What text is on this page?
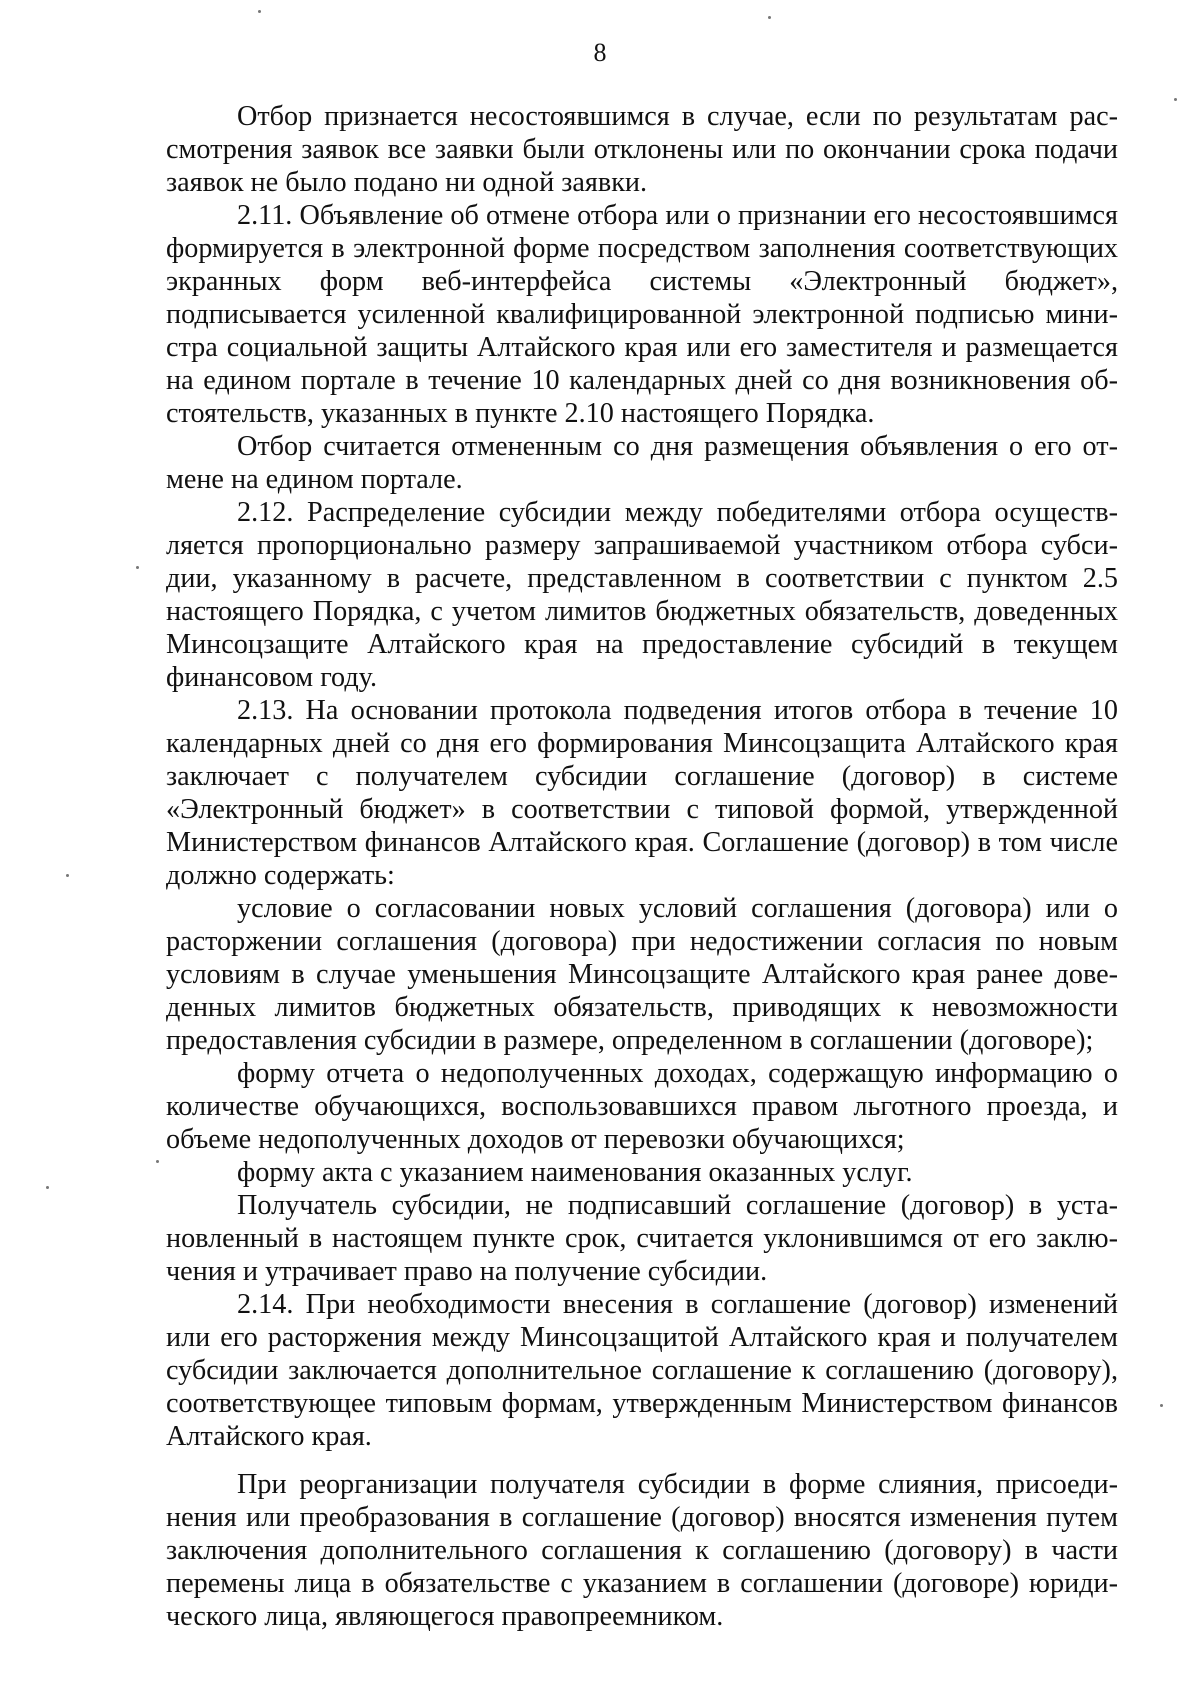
8

Отбор признается несостоявшимся в случае, если по результатам рассмотрения заявок все заявки были отклонены или по окончании срока подачи заявок не было подано ни одной заявки.

2.11. Объявление об отмене отбора или о признании его несостоявшимся формируется в электронной форме посредством заполнения соответствующих экранных форм веб-интерфейса системы «Электронный бюджет», подписывается усиленной квалифицированной электронной подписью министра социальной защиты Алтайского края или его заместителя и размещается на едином портале в течение 10 календарных дней со дня возникновения обстоятельств, указанных в пункте 2.10 настоящего Порядка.

Отбор считается отмененным со дня размещения объявления о его отмене на едином портале.

2.12. Распределение субсидии между победителями отбора осуществляется пропорционально размеру запрашиваемой участником отбора субсидии, указанному в расчете, представленном в соответствии с пунктом 2.5 настоящего Порядка, с учетом лимитов бюджетных обязательств, доведенных Минсоцзащите Алтайского края на предоставление субсидий в текущем финансовом году.

2.13. На основании протокола подведения итогов отбора в течение 10 календарных дней со дня его формирования Минсоцзащита Алтайского края заключает с получателем субсидии соглашение (договор) в системе «Электронный бюджет» в соответствии с типовой формой, утвержденной Министерством финансов Алтайского края. Соглашение (договор) в том числе должно содержать:

условие о согласовании новых условий соглашения (договора) или о расторжении соглашения (договора) при недостижении согласия по новым условиям в случае уменьшения Минсоцзащите Алтайского края ранее доведенных лимитов бюджетных обязательств, приводящих к невозможности предоставления субсидии в размере, определенном в соглашении (договоре);

форму отчета о недополученных доходах, содержащую информацию о количестве обучающихся, воспользовавшихся правом льготного проезда, и объеме недополученных доходов от перевозки обучающихся;

форму акта с указанием наименования оказанных услуг.

Получатель субсидии, не подписавший соглашение (договор) в установленный в настоящем пункте срок, считается уклонившимся от его заключения и утрачивает право на получение субсидии.

2.14. При необходимости внесения в соглашение (договор) изменений или его расторжения между Минсоцзащитой Алтайского края и получателем субсидии заключается дополнительное соглашение к соглашению (договору), соответствующее типовым формам, утвержденным Министерством финансов Алтайского края.

При реорганизации получателя субсидии в форме слияния, присоединения или преобразования в соглашение (договор) вносятся изменения путем заключения дополнительного соглашения к соглашению (договору) в части перемены лица в обязательстве с указанием в соглашении (договоре) юридического лица, являющегося правопреемником.
